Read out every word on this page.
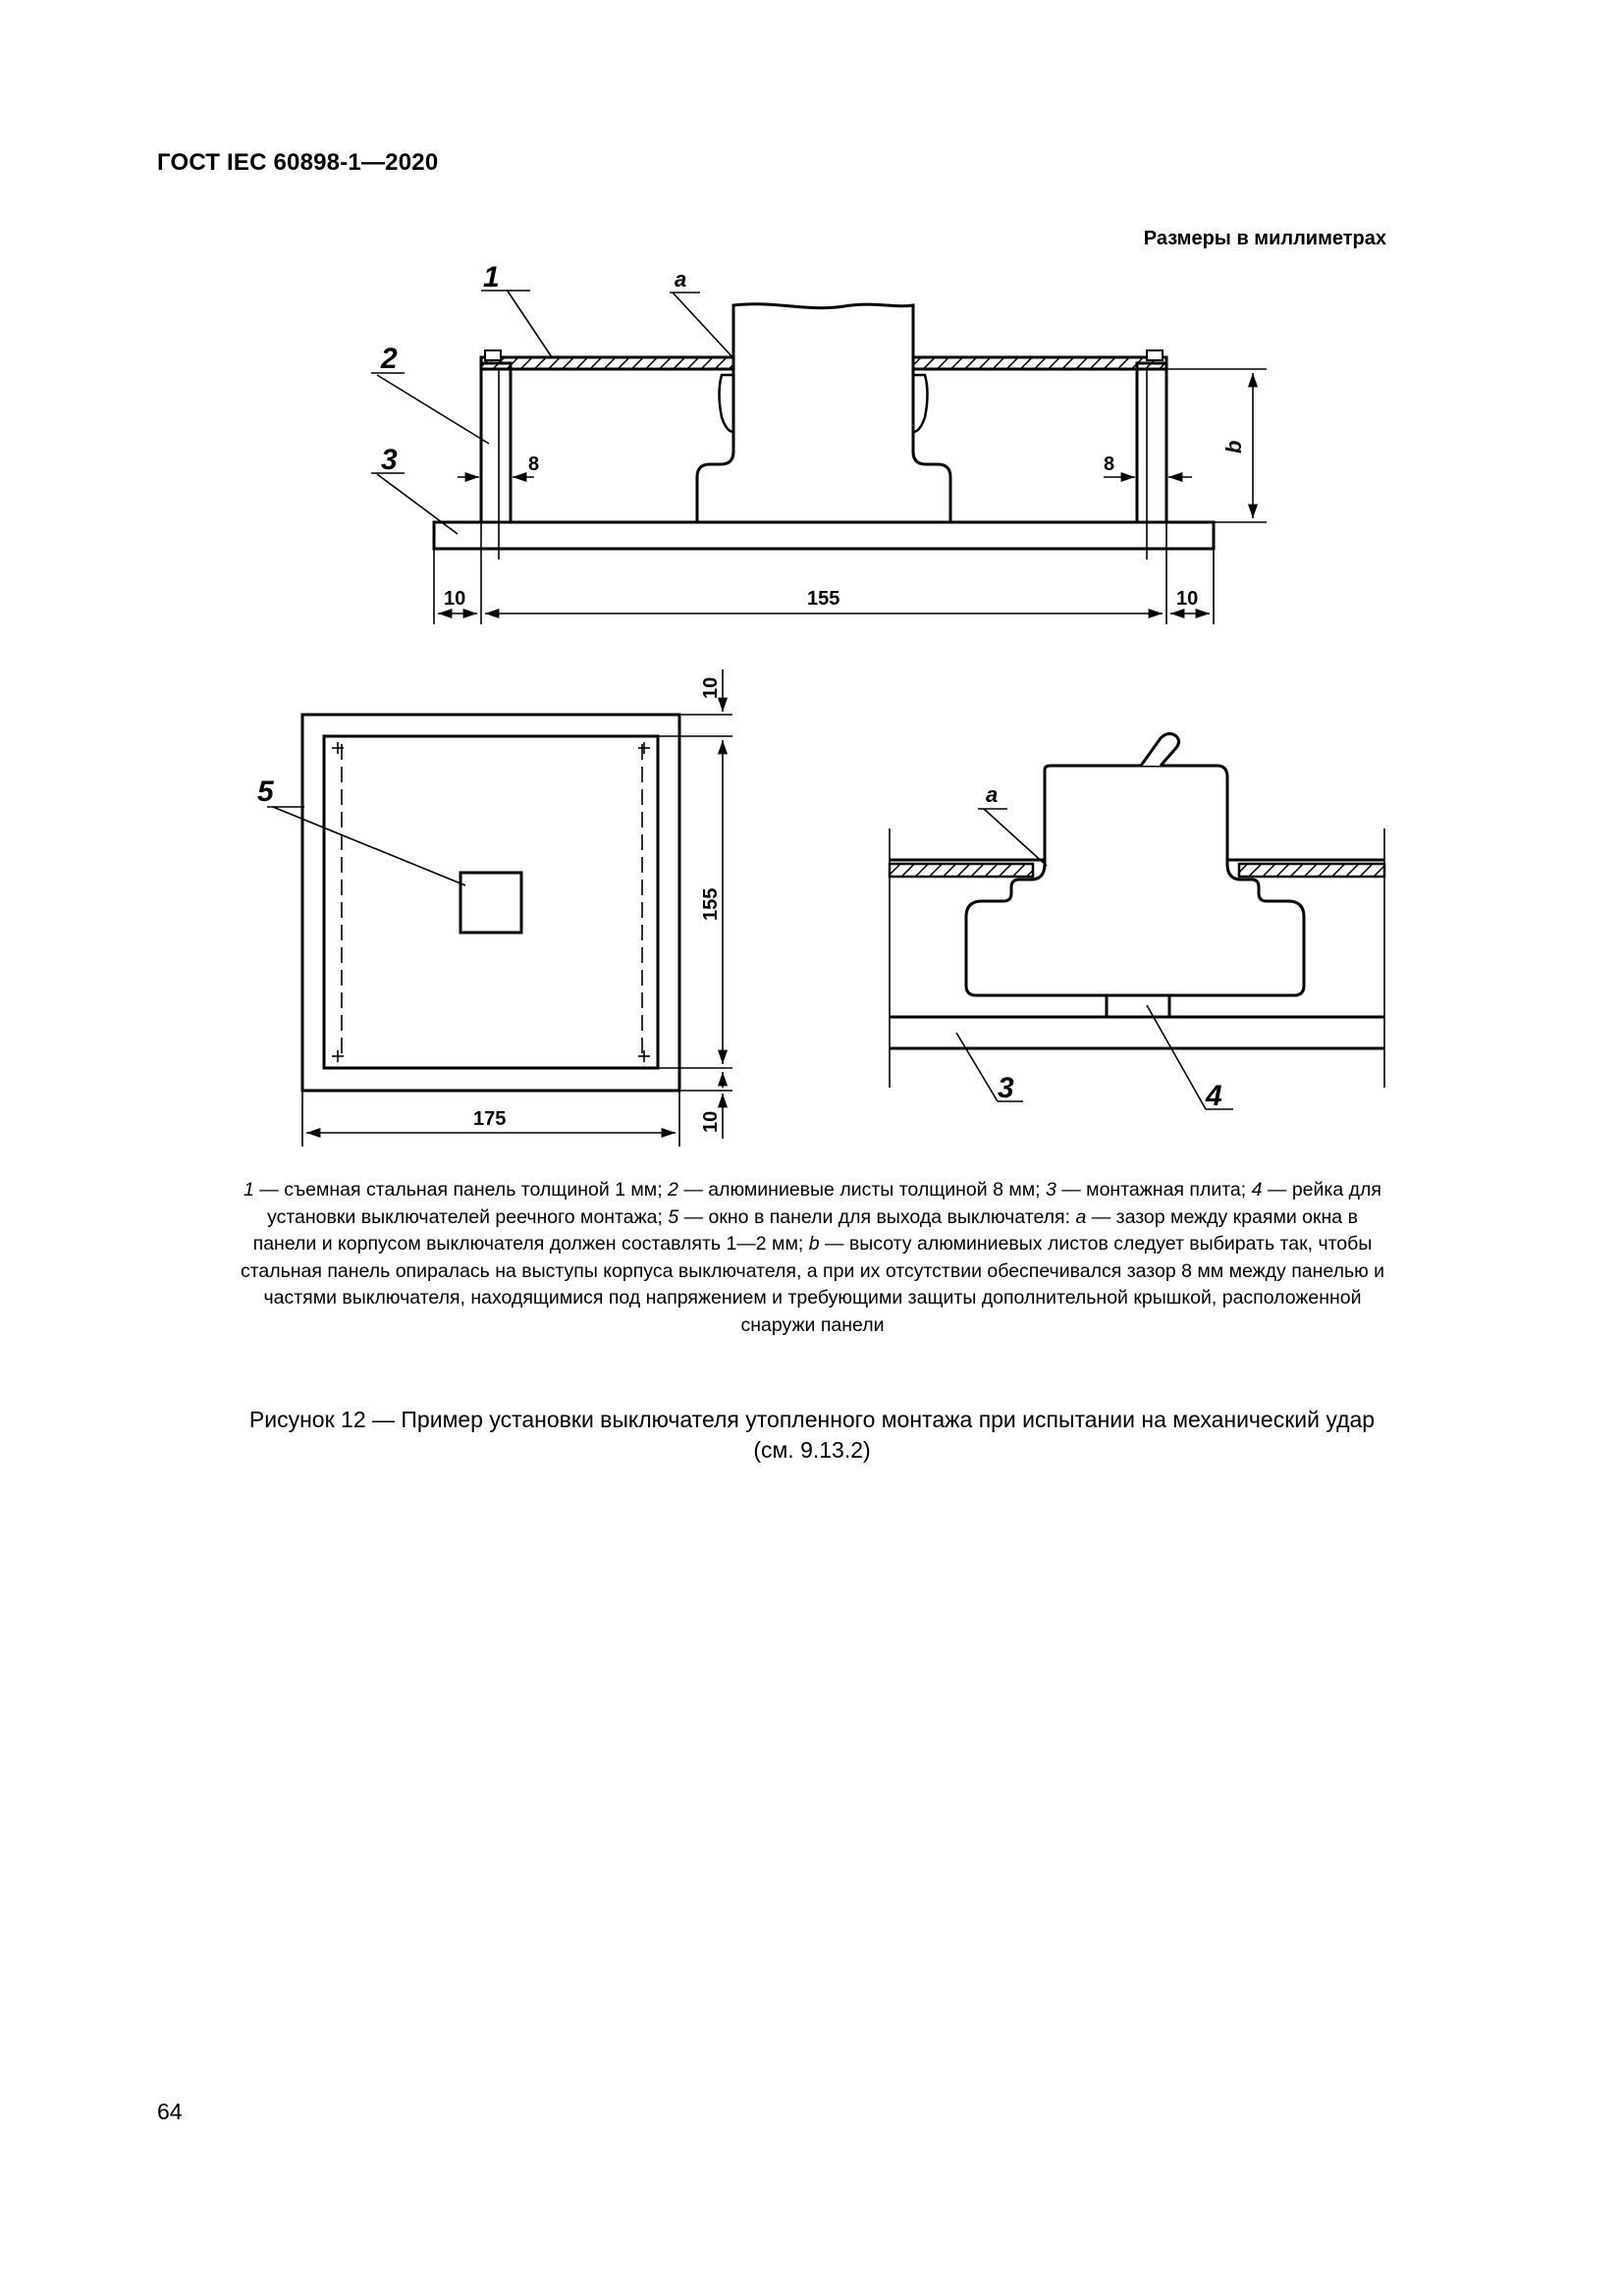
ГОСТ IEC 60898-1—2020
Размеры в миллиметрах
1
2
3
a
b
8	8
10	155	10
5
10
155
10
175
a
3	4
1 — съемная стальная панель толщиной 1 мм; 2 — алюминиевые листы толщиной 8 мм; 3 — монтажная плита; 4 — рейка для установки выключателей реечного монтажа; 5 — окно в панели для выхода выключателя: a — зазор между краями окна в панели и корпусом выключателя должен составлять 1—2 мм; b — высоту алюминиевых листов следует выбирать так, чтобы стальная панель опиралась на выступы корпуса выключателя, а при их отсутствии обеспечивался зазор 8 мм между панелью и частями выключателя, находящимися под напряжением и требующими защиты дополнительной крышкой, расположенной снаружи панели
Рисунок 12 — Пример установки выключателя утопленного монтажа при испытании на механический удар
(см. 9.13.2)
64
